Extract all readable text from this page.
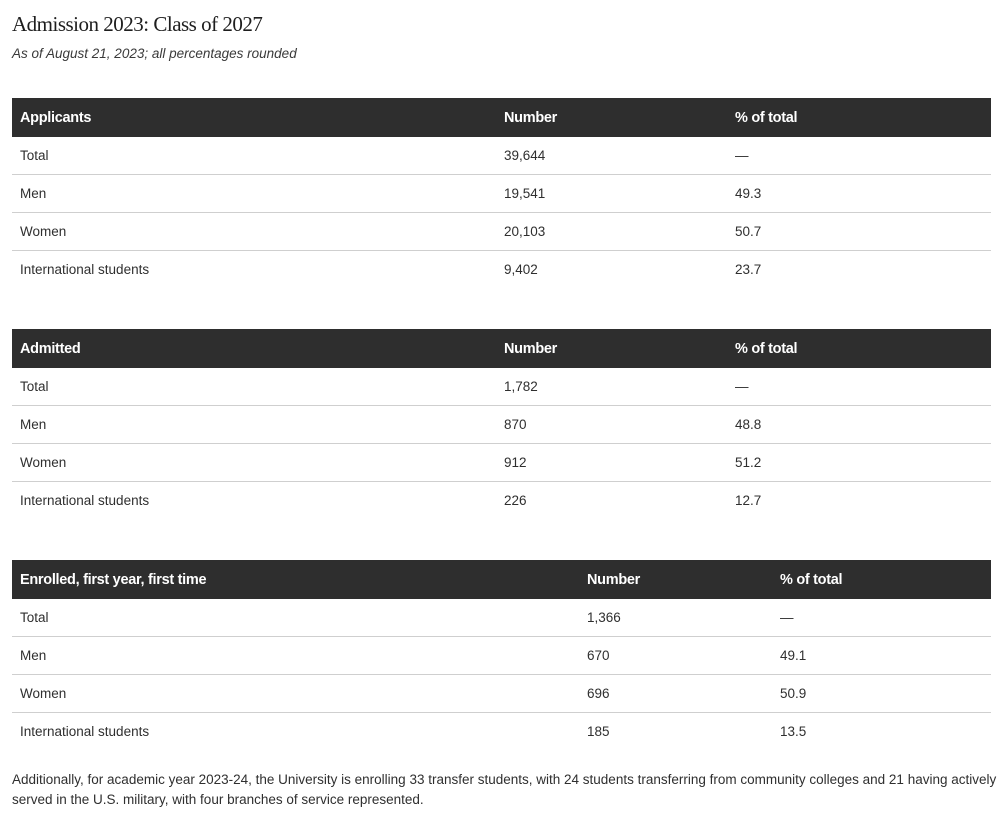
Admission 2023: Class of 2027

As of August 21, 2023; all percentages rounded

Applicants	Number	% of total
Total	39,644	—
Men	19,541	49.3
Women	20,103	50.7
International students	9,402	23.7
Admitted	Number	% of total
Total	1,782	—
Men	870	48.8
Women	912	51.2
International students	226	12.7
Enrolled, first year, first time	Number	% of total
Total	1,366	—
Men	670	49.1
Women	696	50.9
International students	185	13.5

Additionally, for academic year 2023-24, the University is enrolling 33 transfer students, with 24 students transferring from community colleges and 21 having actively served in the U.S. military, with four branches of service represented.
